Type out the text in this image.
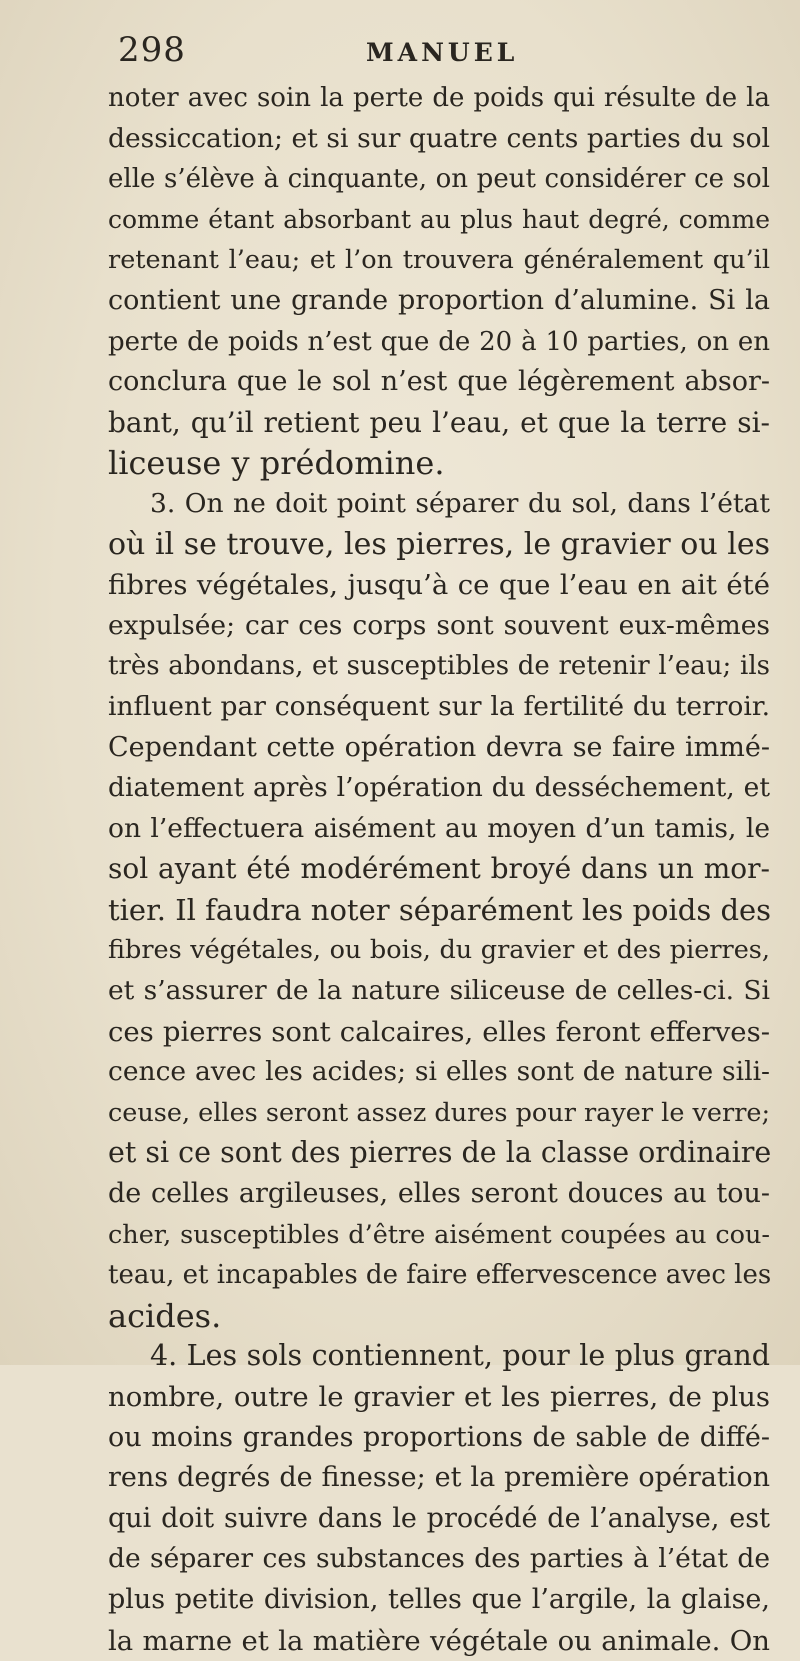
298	MANUEL
noter avec soin la perte de poids qui résulte de la
dessiccation; et si sur quatre cents parties du sol
elle s’élève à cinquante, on peut considérer ce sol
comme étant absorbant au plus haut degré, comme
retenant l’eau; et l’on trouvera généralement qu’il
contient une grande proportion d’alumine. Si la
perte de poids n’est que de 20 à 10 parties, on en
conclura que le sol n’est que légèrement absor-
bant, qu’il retient peu l’eau, et que la terre si-
liceuse y prédomine.
3. On ne doit point séparer du sol, dans l’état
où il se trouve, les pierres, le gravier ou les
fibres végétales, jusqu’à ce que l’eau en ait été
expulsée; car ces corps sont souvent eux-mêmes
très abondans, et susceptibles de retenir l’eau; ils
influent par conséquent sur la fertilité du terroir.
Cependant cette opération devra se faire immé-
diatement après l’opération du desséchement, et
on l’effectuera aisément au moyen d’un tamis, le
sol ayant été modérément broyé dans un mor-
tier. Il faudra noter séparément les poids des
fibres végétales, ou bois, du gravier et des pierres,
et s’assurer de la nature siliceuse de celles-ci. Si
ces pierres sont calcaires, elles feront efferves-
cence avec les acides; si elles sont de nature sili-
ceuse, elles seront assez dures pour rayer le verre;
et si ce sont des pierres de la classe ordinaire
de celles argileuses, elles seront douces au tou-
cher, susceptibles d’être aisément coupées au cou-
teau, et incapables de faire effervescence avec les
acides.
4. Les sols contiennent, pour le plus grand
nombre, outre le gravier et les pierres, de plus
ou moins grandes proportions de sable de diffé-
rens degrés de finesse; et la première opération
qui doit suivre dans le procédé de l’analyse, est
de séparer ces substances des parties à l’état de
plus petite division, telles que l’argile, la glaise,
la marne et la matière végétale ou animale. On
